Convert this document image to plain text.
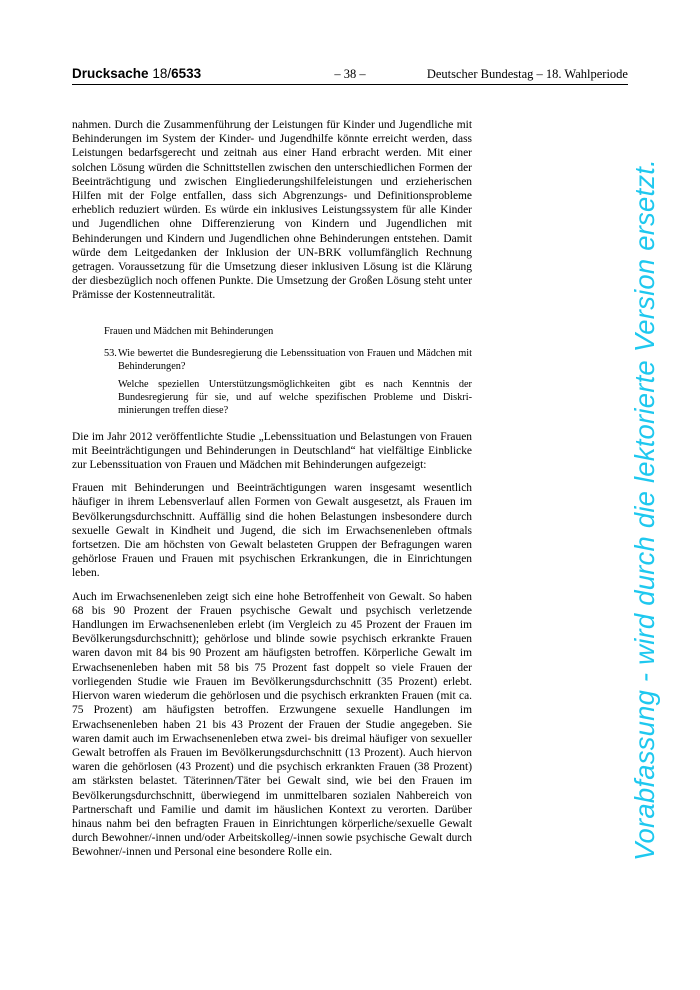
Drucksache 18/6533	– 38 –	Deutscher Bundestag – 18. Wahlperiode

nahmen. Durch die Zusammenführung der Leistungen für Kinder und Jugendliche mit Behinderungen im System der Kinder- und Jugendhilfe könnte erreicht werden, dass Leistungen bedarfsgerecht und zeitnah aus einer Hand erbracht werden. Mit einer solchen Lösung würden die Schnittstellen zwischen den unterschiedlichen Formen der Beeinträchtigung und zwischen Eingliederungshilfeleistungen und erzieherischen Hilfen mit der Folge entfallen, dass sich Abgrenzungs- und Definitionsprobleme erheblich reduziert würden. Es würde ein inklusives Leistungssystem für alle Kinder und Jugendlichen ohne Differenzierung von Kindern und Jugendlichen mit Behinderungen und Kindern und Jugendlichen ohne Behinderungen entstehen. Damit würde dem Leitgedanken der Inklusion der UN-BRK vollumfänglich Rechnung getragen. Voraussetzung für die Umsetzung dieser inklusiven Lösung ist die Klärung der diesbezüglich noch offenen Punkte. Die Umsetzung der Großen Lösung steht unter Prämisse der Kostenneutralität.

Frauen und Mädchen mit Behinderungen

53. Wie bewertet die Bundesregierung die Lebenssituation von Frauen und Mädchen mit Behinderungen?

Welche speziellen Unterstützungsmöglichkeiten gibt es nach Kenntnis der Bundesregierung für sie, und auf welche spezifischen Probleme und Diskriminierungen treffen diese?

Die im Jahr 2012 veröffentlichte Studie „Lebenssituation und Belastungen von Frauen mit Beeinträchtigungen und Behinderungen in Deutschland“ hat vielfältige Einblicke zur Lebenssituation von Frauen und Mädchen mit Behinderungen aufgezeigt:

Frauen mit Behinderungen und Beeinträchtigungen waren insgesamt wesentlich häufiger in ihrem Lebensverlauf allen Formen von Gewalt ausgesetzt, als Frauen im Bevölkerungsdurchschnitt. Auffällig sind die hohen Belastungen insbesondere durch sexuelle Gewalt in Kindheit und Jugend, die sich im Erwachsenenleben oftmals fortsetzen. Die am höchsten von Gewalt belasteten Gruppen der Befragungen waren gehörlose Frauen und Frauen mit psychischen Erkrankungen, die in Einrichtungen leben.

Auch im Erwachsenenleben zeigt sich eine hohe Betroffenheit von Gewalt. So haben 68 bis 90 Prozent der Frauen psychische Gewalt und psychisch verletzende Handlungen im Erwachsenenleben erlebt (im Vergleich zu 45 Prozent der Frauen im Bevölkerungsdurchschnitt); gehörlose und blinde sowie psychisch erkrankte Frauen waren davon mit 84 bis 90 Prozent am häufigsten betroffen. Körperliche Gewalt im Erwachsenenleben haben mit 58 bis 75 Prozent fast doppelt so viele Frauen der vorliegenden Studie wie Frauen im Bevölkerungsdurchschnitt (35 Prozent) erlebt. Hiervon waren wiederum die gehörlosen und die psychisch erkrankten Frauen (mit ca. 75 Prozent) am häufigsten betroffen. Erzwungene sexuelle Handlungen im Erwachsenenleben haben 21 bis 43 Prozent der Frauen der Studie angegeben. Sie waren damit auch im Erwachsenenleben etwa zwei- bis dreimal häufiger von sexueller Gewalt betroffen als Frauen im Bevölkerungsdurchschnitt (13 Prozent). Auch hiervon waren die gehörlosen (43 Prozent) und die psychisch erkrankten Frauen (38 Prozent) am stärksten belastet. Täterinnen/Täter bei Gewalt sind, wie bei den Frauen im Bevölkerungsdurchschnitt, überwiegend im unmittelbaren sozialen Nahbereich von Partnerschaft und Familie und damit im häuslichen Kontext zu verorten. Darüber hinaus nahm bei den befragten Frauen in Einrichtungen körperliche/sexuelle Gewalt durch Bewohner/-innen und/oder Arbeitskolleg/-innen sowie psychische Gewalt durch Bewohner/-innen und Personal eine besondere Rolle ein.	Vorabfassung - wird durch die lektorierte Version ersetzt.
